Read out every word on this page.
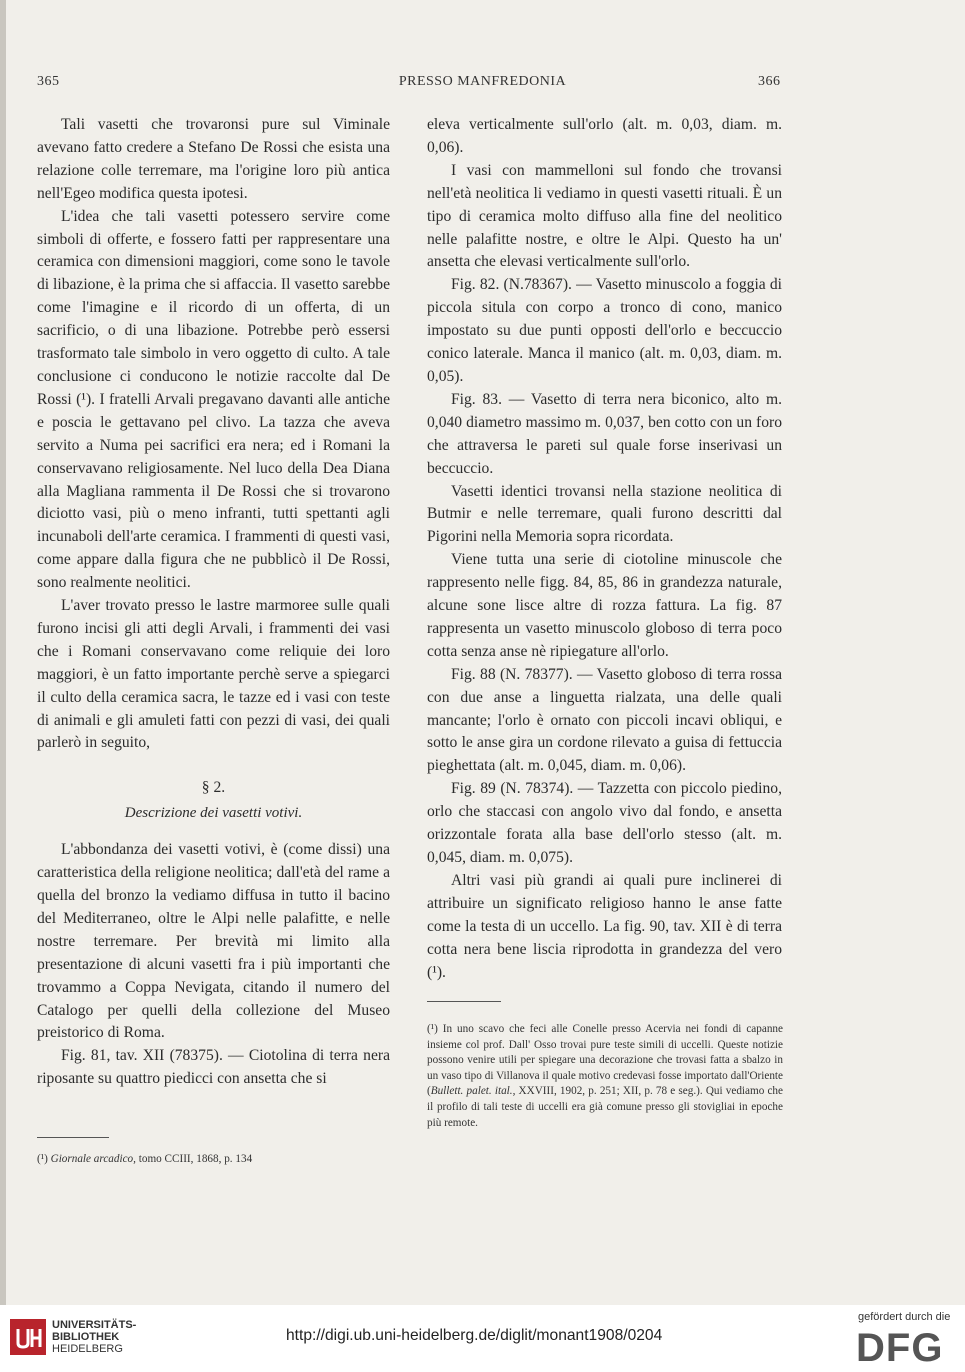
365	PRESSO MANFREDONIA	366

Tali vasetti che trovaronsi pure sul Viminale avevano fatto credere a Stefano De Rossi che esista una relazione colle terremare, ma l'origine loro più antica nell'Egeo modifica questa ipotesi.

L'idea che tali vasetti potessero servire come simboli di offerte, e fossero fatti per rappresentare una ceramica con dimensioni maggiori, come sono le tavole di libazione, è la prima che si affaccia. Il vasetto sarebbe come l'imagine e il ricordo di un offerta, di un sacrificio, o di una libazione. Potrebbe però essersi trasformato tale simbolo in vero oggetto di culto. A tale conclusione ci conducono le notizie raccolte dal De Rossi (¹). I fratelli Arvali pregavano davanti alle antiche e poscia le gettavano pel clivo. La tazza che aveva servito a Numa pei sacrifici era nera; ed i Romani la conservavano religiosamente. Nel luco della Dea Diana alla Magliana rammenta il De Rossi che si trovarono diciotto vasi, più o meno infranti, tutti spettanti agli incunaboli dell'arte ceramica. I frammenti di questi vasi, come appare dalla figura che ne pubblicò il De Rossi, sono realmente neolitici.

L'aver trovato presso le lastre marmoree sulle quali furono incisi gli atti degli Arvali, i frammenti dei vasi che i Romani conservavano come reliquie dei loro maggiori, è un fatto importante perchè serve a spiegarci il culto della ceramica sacra, le tazze ed i vasi con teste di animali e gli amuleti fatti con pezzi di vasi, dei quali parlerò in seguito,

§ 2.
Descrizione dei vasetti votivi.

L'abbondanza dei vasetti votivi, è (come dissi) una caratteristica della religione neolitica; dall'età del rame a quella del bronzo la vediamo diffusa in tutto il bacino del Mediterraneo, oltre le Alpi nelle palafitte, e nelle nostre terremare. Per brevità mi limito alla presentazione di alcuni vasetti fra i più importanti che trovammo a Coppa Nevigata, citando il numero del Catalogo per quelli della collezione del Museo preistorico di Roma.

Fig. 81, tav. XII (78375). — Ciotolina di terra nera riposante su quattro piedicci con ansetta che si

(¹) Giornale arcadico, tomo CCIII, 1868, p. 134

eleva verticalmente sull'orlo (alt. m. 0,03, diam. m. 0,06).

I vasi con mammelloni sul fondo che trovansi nell'età neolitica li vediamo in questi vasetti rituali. È un tipo di ceramica molto diffuso alla fine del neolitico nelle palafitte nostre, e oltre le Alpi. Questo ha un' ansetta che elevasi verticalmente sull'orlo.

Fig. 82. (N.78367). — Vasetto minuscolo a foggia di piccola situla con corpo a tronco di cono, manico impostato su due punti opposti dell'orlo e beccuccio conico laterale. Manca il manico (alt. m. 0,03, diam. m. 0,05).

Fig. 83. — Vasetto di terra nera biconico, alto m. 0,040 diametro massimo m. 0,037, ben cotto con un foro che attraversa le pareti sul quale forse inserivasi un beccuccio.

Vasetti identici trovansi nella stazione neolitica di Butmir e nelle terremare, quali furono descritti dal Pigorini nella Memoria sopra ricordata.

Viene tutta una serie di ciotoline minuscole che rappresento nelle figg. 84, 85, 86 in grandezza naturale, alcune sone lisce altre di rozza fattura. La fig. 87 rappresenta un vasetto minuscolo globoso di terra poco cotta senza anse nè ripiegature all'orlo.

Fig. 88 (N. 78377). — Vasetto globoso di terra rossa con due anse a linguetta rialzata, una delle quali mancante; l'orlo è ornato con piccoli incavi obliqui, e sotto le anse gira un cordone rilevato a guisa di fettuccia pieghettata (alt. m. 0,045, diam. m. 0,06).

Fig. 89 (N. 78374). — Tazzetta con piccolo piedino, orlo che staccasi con angolo vivo dal fondo, e ansetta orizzontale forata alla base dell'orlo stesso (alt. m. 0,045, diam. m. 0,075).

Altri vasi più grandi ai quali pure inclinerei di attribuire un significato religioso hanno le anse fatte come la testa di un uccello. La fig. 90, tav. XII è di terra cotta nera bene liscia riprodotta in grandezza del vero (¹).

(¹) In uno scavo che feci alle Conelle presso Acervia nei fondi di capanne insieme col prof. Dall' Osso trovai pure teste simili di uccelli. Queste notizie possono venire utili per spiegare una decorazione che trovasi fatta a sbalzo in un vaso tipo di Villanova il quale motivo credevasi fosse importato dall'Oriente (Bullett. palet. ital., XXVIII, 1902, p. 251; XII, p. 78 e seg.). Qui vediamo che il profilo di tali teste di uccelli era già comune presso gli stovigliai in epoche più remote.
UNIVERSITÄTS-
BIBLIOTHEK
HEIDELBERG
http://digi.ub.uni-heidelberg.de/diglit/monant1908/0204
gefördert durch die
DFG
